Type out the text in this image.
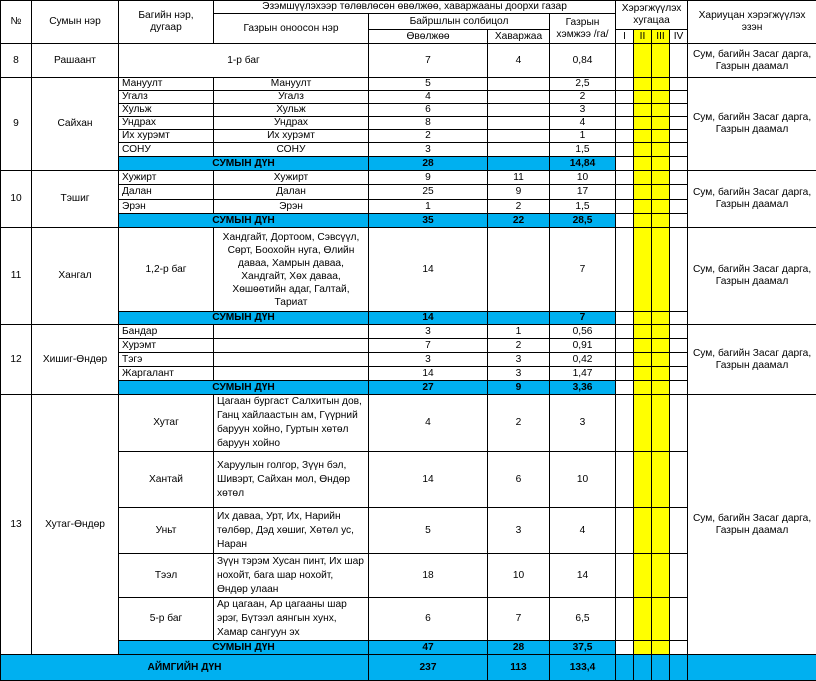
№	Сумын нэр	Багийн нэр,
дугаар	Эзэмшүүлэхээр төлөвлөсөн өвөлжөө, хаваржааны доорхи газар				Хэрэгжүүлэх хугацаа				Хариуцан хэрэгжүүлэх эзэн
			Газрын оноосон нэр	Байршлын солбицол		Газрын хэмжээ /га/					
				Өвөлжөө	Хаваржаа		I	II	III	IV	
8	Рашаант	1-р баг		7	4	0,84					Сум, багийн Засаг дарга, Газрын даамал
9	Сайхан	Мануулт	Мануулт	5		2,5					Сум, багийн Засаг дарга, Газрын даамал
		Угалз	Угалз	4		2					
		Хульж	Хульж	6		3					
		Ундрах	Ундрах	8		4					
		Их хурэмт	Их хурэмт	2		1					
		СОНУ	СОНУ	3		1,5					
		СУМЫН ДҮН		28		14,84					
10	Тэшиг	Хужирт	Хужирт	9	11	10					Сум, багийн Засаг дарга, Газрын даамал
		Далан	Далан	25	9	17					
		Эрэн	Эрэн	1	2	1,5					
		СУМЫН ДҮН		35	22	28,5					
11	Хангал	1,2-р баг	Хандгайт, Дортоом, Сэвсүүл, Сөрт, Боохойн нуга, Өлийн даваа, Хамрын даваа, Хандгайт, Хөх даваа, Хөшөөтийн адаг, Галтай, Тариат	14		7					Сум, багийн Засаг дарга, Газрын даамал
		СУМЫН ДҮН		14		7					
12	Хишиг-Өндөр	Бандар		3	1	0,56					Сум, багийн Засаг дарга, Газрын даамал
		Хурэмт		7	2	0,91					
		Тэгэ		3	3	0,42					
		Жаргалант		14	3	1,47					
		СУМЫН ДҮН		27	9	3,36					
13	Хутаг-Өндөр	Хутаг	Цагаан бургаст Салхитын дов, Ганц хайлаастын ам, Гүүрний баруун хойно, Гуртын хөтөл баруун хойно	4	2	3					Сум, багийн Засаг дарга, Газрын даамал
		Хантай	Харуулын голгор, Зүүн бэл, Шивэрт, Сайхан мол, Өндөр хөтөл	14	6	10					
		Уньт	Их даваа, Урт, Их, Нарийн төлбөр, Дэд хөшиг, Хөтөл ус, Наран	5	3	4					
		Тээл	Зүүн тэрэм Хусан пинт, Их шар нохойт, бага шар нохойт, Өндөр улаан	18	10	14					
		5-р баг	Ар цагаан, Ар цагааны шар эрэг, Бүтээл аянгын хунх, Хамар сангуун эх	6	7	6,5					
		СУМЫН ДҮН		47	28	37,5					
АЙМГИЙН ДҮН				237	113	133,4					
